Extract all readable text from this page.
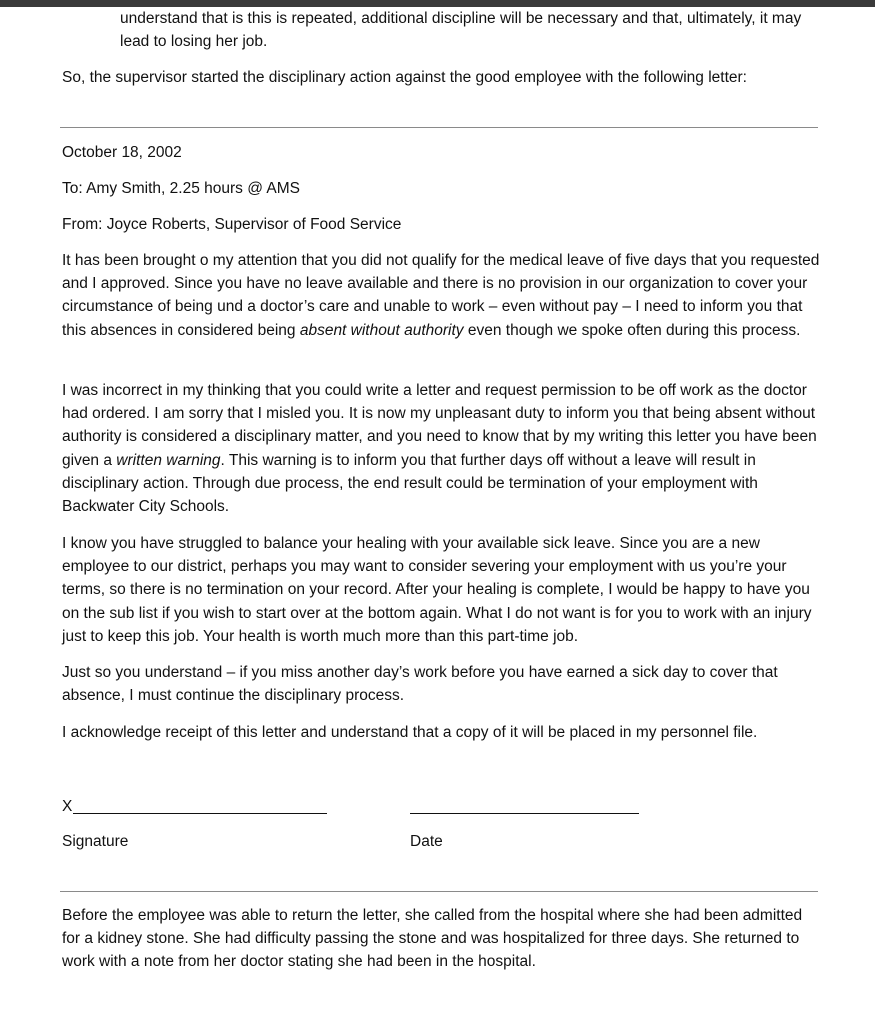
understand that is this is repeated, additional discipline will be necessary and that, ultimately, it may lead to losing her job.

So, the supervisor started the disciplinary action against the good employee with the following letter:

October 18, 2002

To: Amy Smith, 2.25 hours @ AMS

From: Joyce Roberts, Supervisor of Food Service

It has been brought o my attention that you did not qualify for the medical leave of five days that you requested and I approved. Since you have no leave available and there is no provision in our organization to cover your circumstance of being und a doctor’s care and unable to work – even without pay – I need to inform you that this absences in considered being absent without authority even though we spoke often during this process.

I was incorrect in my thinking that you could write a letter and request permission to be off work as the doctor had ordered. I am sorry that I misled you. It is now my unpleasant duty to inform you that being absent without authority is considered a disciplinary matter, and you need to know that by my writing this letter you have been given a written warning. This warning is to inform you that further days off without a leave will result in disciplinary action. Through due process, the end result could be termination of your employment with Backwater City Schools.

I know you have struggled to balance your healing with your available sick leave. Since you are a new employee to our district, perhaps you may want to consider severing your employment with us you’re your terms, so there is no termination on your record. After your healing is complete, I would be happy to have you on the sub list if you wish to start over at the bottom again. What I do not want is for you to work with an injury just to keep this job. Your health is worth much more than this part-time job.

Just so you understand – if you miss another day’s work before you have earned a sick day to cover that absence, I must continue the disciplinary process.

I acknowledge receipt of this letter and understand that a copy of it will be placed in my personnel file.

X
Signature	Date

Before the employee was able to return the letter, she called from the hospital where she had been admitted for a kidney stone. She had difficulty passing the stone and was hospitalized for three days. She returned to work with a note from her doctor stating she had been in the hospital.
